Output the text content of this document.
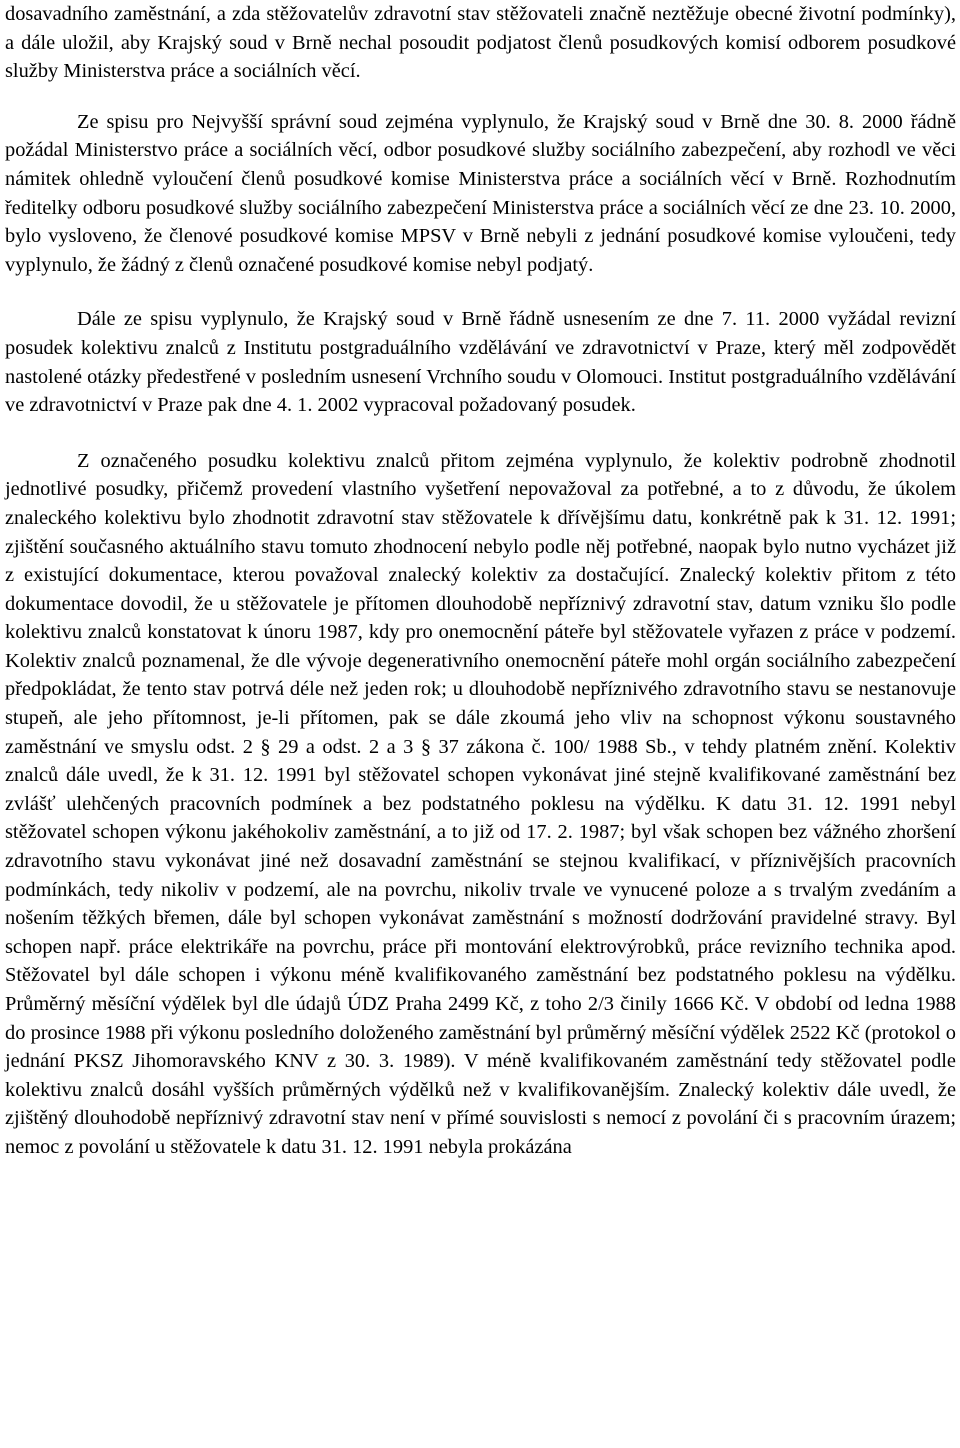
dosavadního zaměstnání, a zda stěžovatelův zdravotní stav stěžovateli značně neztěžuje obecné životní podmínky), a dále uložil, aby Krajský soud v Brně nechal posoudit podjatost členů posudkových komisí odborem posudkové služby Ministerstva práce a sociálních věcí.

Ze spisu pro Nejvyšší správní soud zejména vyplynulo, že Krajský soud v Brně dne 30. 8. 2000 řádně požádal Ministerstvo práce a sociálních věcí, odbor posudkové služby sociálního zabezpečení, aby rozhodl ve věci námitek ohledně vyloučení členů posudkové komise Ministerstva práce a sociálních věcí v Brně. Rozhodnutím ředitelky odboru posudkové služby sociálního zabezpečení Ministerstva práce a sociálních věcí ze dne 23. 10. 2000, bylo vysloveno, že členové posudkové komise MPSV v Brně nebyli z jednání posudkové komise vyloučeni, tedy vyplynulo, že žádný z členů označené posudkové komise nebyl podjatý.

Dále ze spisu vyplynulo, že Krajský soud v Brně řádně usnesením ze dne 7. 11. 2000 vyžádal revizní posudek kolektivu znalců z Institutu postgraduálního vzdělávání ve zdravotnictví v Praze, který měl zodpovědět nastolené otázky předestřené v posledním usnesení Vrchního soudu v Olomouci. Institut postgraduálního vzdělávání ve zdravotnictví v Praze pak dne 4. 1. 2002 vypracoval požadovaný posudek.

Z označeného posudku kolektivu znalců přitom zejména vyplynulo, že kolektiv podrobně zhodnotil jednotlivé posudky, přičemž provedení vlastního vyšetření nepovažoval za potřebné, a to z důvodu, že úkolem znaleckého kolektivu bylo zhodnotit zdravotní stav stěžovatele k dřívějšímu datu, konkrétně pak k 31. 12. 1991; zjištění současného aktuálního stavu tomuto zhodnocení nebylo podle něj potřebné, naopak bylo nutno vycházet již z existující dokumentace, kterou považoval znalecký kolektiv za dostačující. Znalecký kolektiv přitom z této dokumentace dovodil, že u stěžovatele je přítomen dlouhodobě nepříznivý zdravotní stav, datum vzniku šlo podle kolektivu znalců konstatovat k únoru 1987, kdy pro onemocnění páteře byl stěžovatele vyřazen z práce v podzemí. Kolektiv znalců poznamenal, že dle vývoje degenerativního onemocnění páteře mohl orgán sociálního zabezpečení předpokládat, že tento stav potrvá déle než jeden rok; u dlouhodobě nepříznivého zdravotního stavu se nestanovuje stupeň, ale jeho přítomnost, je-li přítomen, pak se dále zkoumá jeho vliv na schopnost výkonu soustavného zaměstnání ve smyslu odst. 2 § 29 a odst. 2 a 3 § 37 zákona č. 100/ 1988 Sb., v tehdy platném znění. Kolektiv znalců dále uvedl, že k 31. 12. 1991 byl stěžovatel schopen vykonávat jiné stejně kvalifikované zaměstnání bez zvlášť ulehčených pracovních podmínek a bez podstatného poklesu na výdělku. K datu 31. 12. 1991 nebyl stěžovatel schopen výkonu jakéhokoliv zaměstnání, a to již od 17. 2. 1987; byl však schopen bez vážného zhoršení zdravotního stavu vykonávat jiné než dosavadní zaměstnání se stejnou kvalifikací, v příznivějších pracovních podmínkách, tedy nikoliv v podzemí, ale na povrchu, nikoliv trvale ve vynucené poloze a s trvalým zvedáním a nošením těžkých břemen, dále byl schopen vykonávat zaměstnání s možností dodržování pravidelné stravy. Byl schopen např. práce elektrikáře na povrchu, práce při montování elektrovýrobků, práce revizního technika apod. Stěžovatel byl dále schopen i výkonu méně kvalifikovaného zaměstnání bez podstatného poklesu na výdělku. Průměrný měsíční výdělek byl dle údajů ÚDZ Praha 2499 Kč, z toho 2/3 činily 1666 Kč. V období od ledna 1988 do prosince 1988 při výkonu posledního doloženého zaměstnání byl průměrný měsíční výdělek 2522 Kč (protokol o jednání PKSZ Jihomoravského KNV z 30. 3. 1989). V méně kvalifikovaném zaměstnání tedy stěžovatel podle kolektivu znalců dosáhl vyšších průměrných výdělků než v kvalifikovanějším. Znalecký kolektiv dále uvedl, že zjištěný dlouhodobě nepříznivý zdravotní stav není v přímé souvislosti s nemocí z povolání či s pracovním úrazem; nemoc z povolání u stěžovatele k datu 31. 12. 1991 nebyla prokázána
